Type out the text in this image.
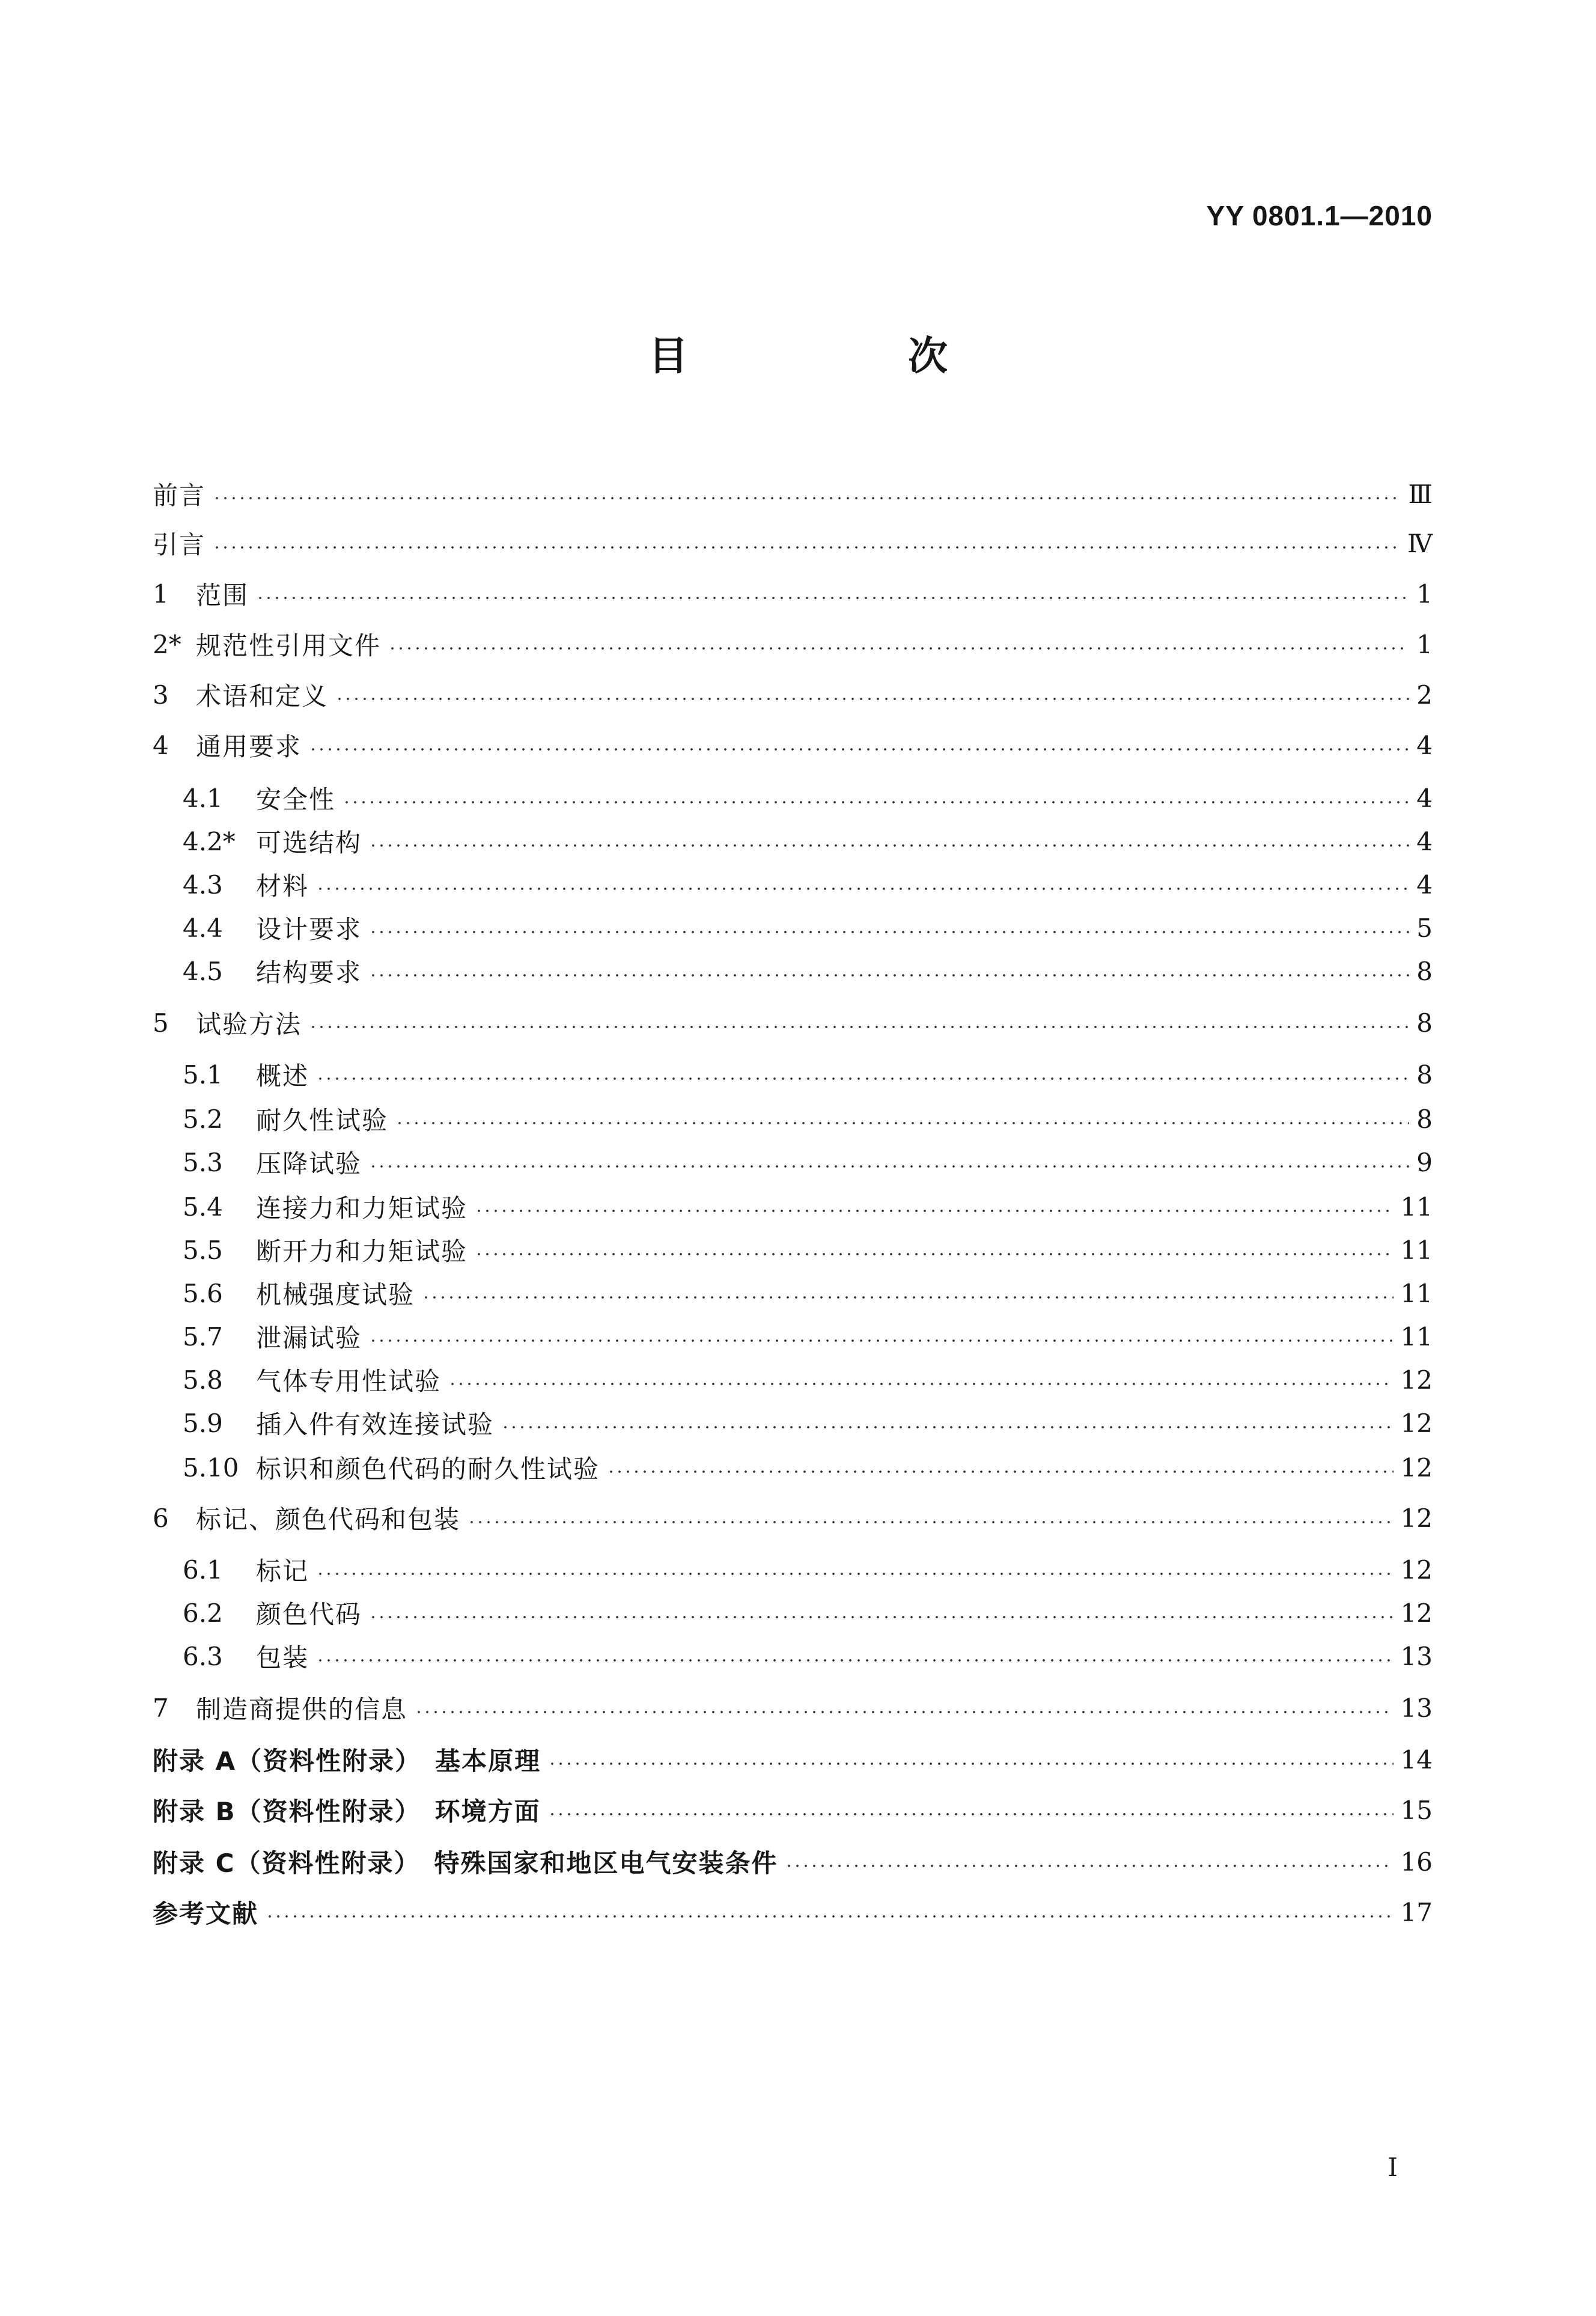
YY 0801.1—2010
目　次
前言	Ⅲ
引言	Ⅳ
1	范围	1
2* 规范性引用文件	1
3	术语和定义	2
4	通用要求	4
4.1	安全性	4
4.2* 可选结构	4
4.3	材料	4
4.4	设计要求	5
4.5	结构要求	8
5	试验方法	8
5.1	概述	8
5.2	耐久性试验	8
5.3	压降试验	9
5.4	连接力和力矩试验	11
5.5	断开力和力矩试验	11
5.6	机械强度试验	11
5.7	泄漏试验	11
5.8	气体专用性试验	12
5.9	插入件有效连接试验	12
5.10 标识和颜色代码的耐久性试验	12
6	标记、颜色代码和包装	12
6.1	标记	12
6.2	颜色代码	12
6.3	包装	13
7	制造商提供的信息	13
附录 A（资料性附录）　基本原理	14
附录 B（资料性附录）　环境方面	15
附录 C（资料性附录）　特殊国家和地区电气安装条件	16
参考文献	17
I
